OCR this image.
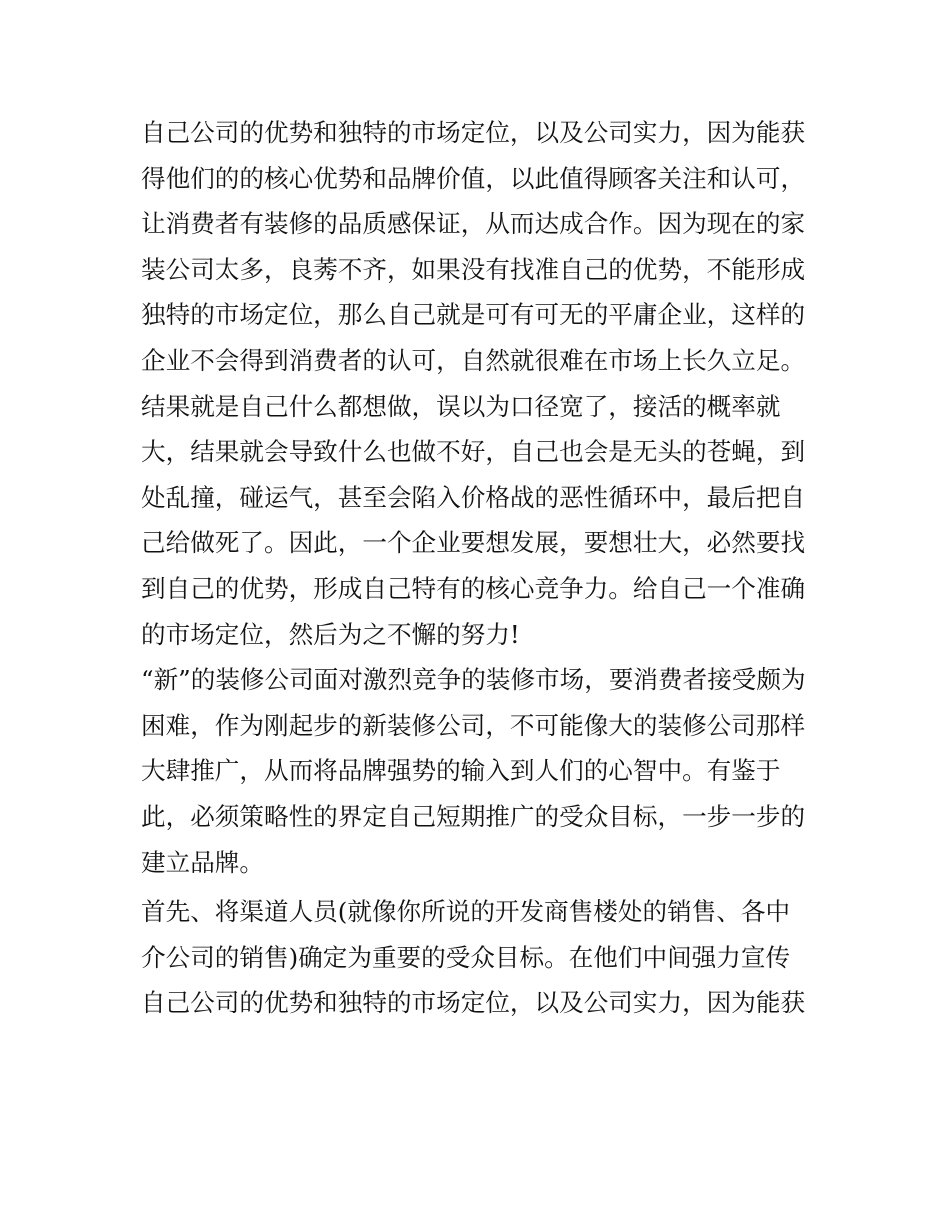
自己公司的优势和独特的市场定位，以及公司实力，因为能获
得他们的的核心优势和品牌价值，以此值得顾客关注和认可，
让消费者有装修的品质感保证，从而达成合作。因为现在的家
装公司太多，良莠不齐，如果没有找准自己的优势，不能形成
独特的市场定位，那么自己就是可有可无的平庸企业，这样的
企业不会得到消费者的认可，自然就很难在市场上长久立足。
结果就是自己什么都想做，误以为口径宽了，接活的概率就
大，结果就会导致什么也做不好，自己也会是无头的苍蝇，到
处乱撞，碰运气，甚至会陷入价格战的恶性循环中，最后把自
己给做死了。因此，一个企业要想发展，要想壮大，必然要找
到自己的优势，形成自己特有的核心竞争力。给自己一个准确
的市场定位，然后为之不懈的努力!
“新”的装修公司面对激烈竞争的装修市场，要消费者接受颇为
困难，作为刚起步的新装修公司，不可能像大的装修公司那样
大肆推广，从而将品牌强势的输入到人们的心智中。有鉴于
此，必须策略性的界定自己短期推广的受众目标，一步一步的
建立品牌。
首先、将渠道人员(就像你所说的开发商售楼处的销售、各中
介公司的销售)确定为重要的受众目标。在他们中间强力宣传
自己公司的优势和独特的市场定位，以及公司实力，因为能获
